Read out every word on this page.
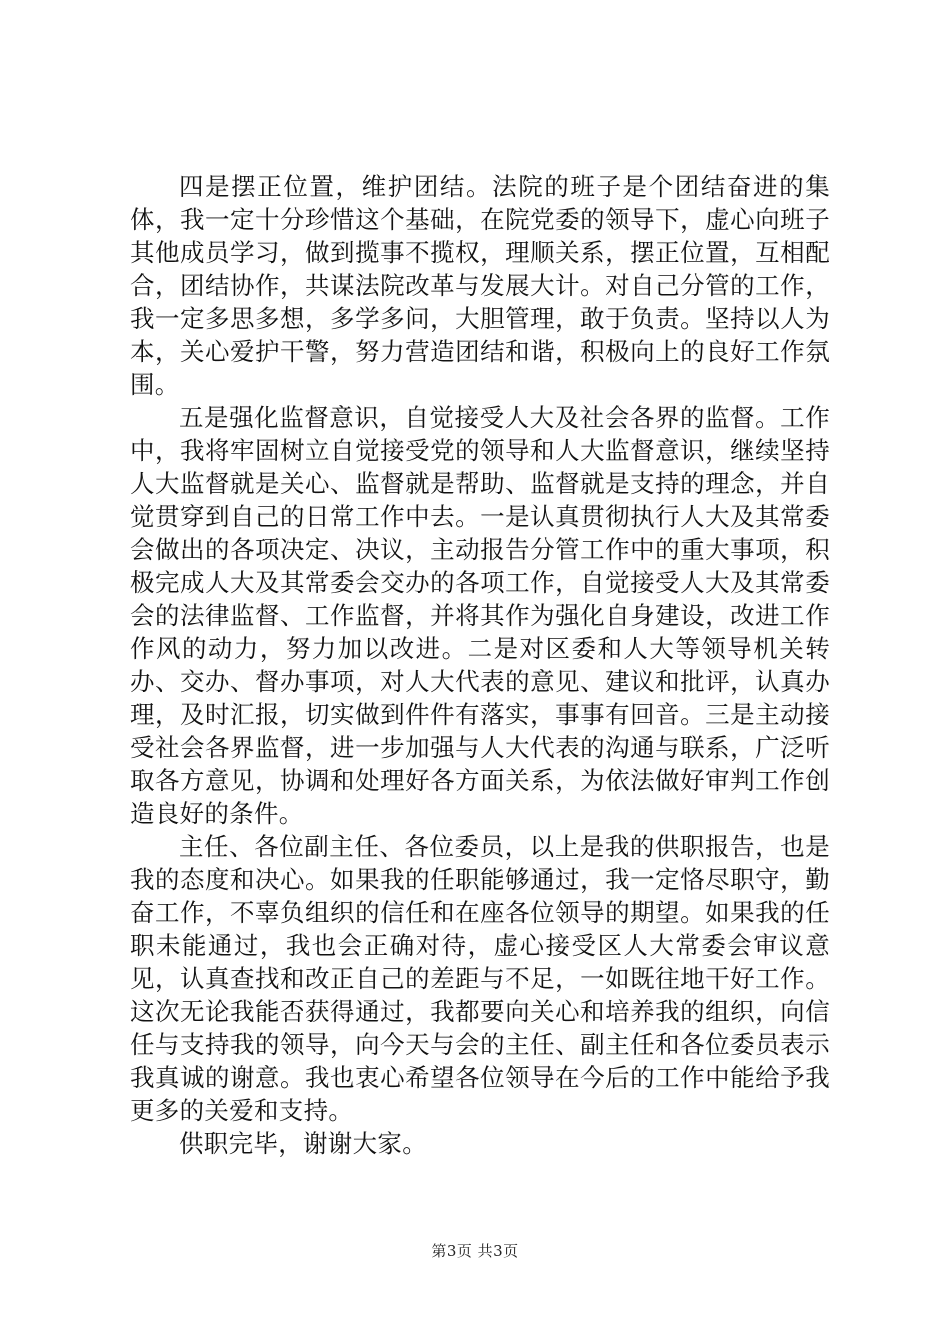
四是摆正位置，维护团结。法院的班子是个团结奋进的集体，我一定十分珍惜这个基础，在院党委的领导下，虚心向班子其他成员学习，做到揽事不揽权，理顺关系，摆正位置，互相配合，团结协作，共谋法院改革与发展大计。对自己分管的工作，我一定多思多想，多学多问，大胆管理，敢于负责。坚持以人为本，关心爱护干警，努力营造团结和谐，积极向上的良好工作氛围。

五是强化监督意识，自觉接受人大及社会各界的监督。工作中，我将牢固树立自觉接受党的领导和人大监督意识，继续坚持人大监督就是关心、监督就是帮助、监督就是支持的理念，并自觉贯穿到自己的日常工作中去。一是认真贯彻执行人大及其常委会做出的各项决定、决议，主动报告分管工作中的重大事项，积极完成人大及其常委会交办的各项工作，自觉接受人大及其常委会的法律监督、工作监督，并将其作为强化自身建设，改进工作作风的动力，努力加以改进。二是对区委和人大等领导机关转办、交办、督办事项，对人大代表的意见、建议和批评，认真办理，及时汇报，切实做到件件有落实，事事有回音。三是主动接受社会各界监督，进一步加强与人大代表的沟通与联系，广泛听取各方意见，协调和处理好各方面关系，为依法做好审判工作创造良好的条件。

主任、各位副主任、各位委员，以上是我的供职报告，也是我的态度和决心。如果我的任职能够通过，我一定恪尽职守，勤奋工作，不辜负组织的信任和在座各位领导的期望。如果我的任职未能通过，我也会正确对待，虚心接受区人大常委会审议意见，认真查找和改正自己的差距与不足，一如既往地干好工作。这次无论我能否获得通过，我都要向关心和培养我的组织，向信任与支持我的领导，向今天与会的主任、副主任和各位委员表示我真诚的谢意。我也衷心希望各位领导在今后的工作中能给予我更多的关爱和支持。

供职完毕，谢谢大家。

第3页 共3页
